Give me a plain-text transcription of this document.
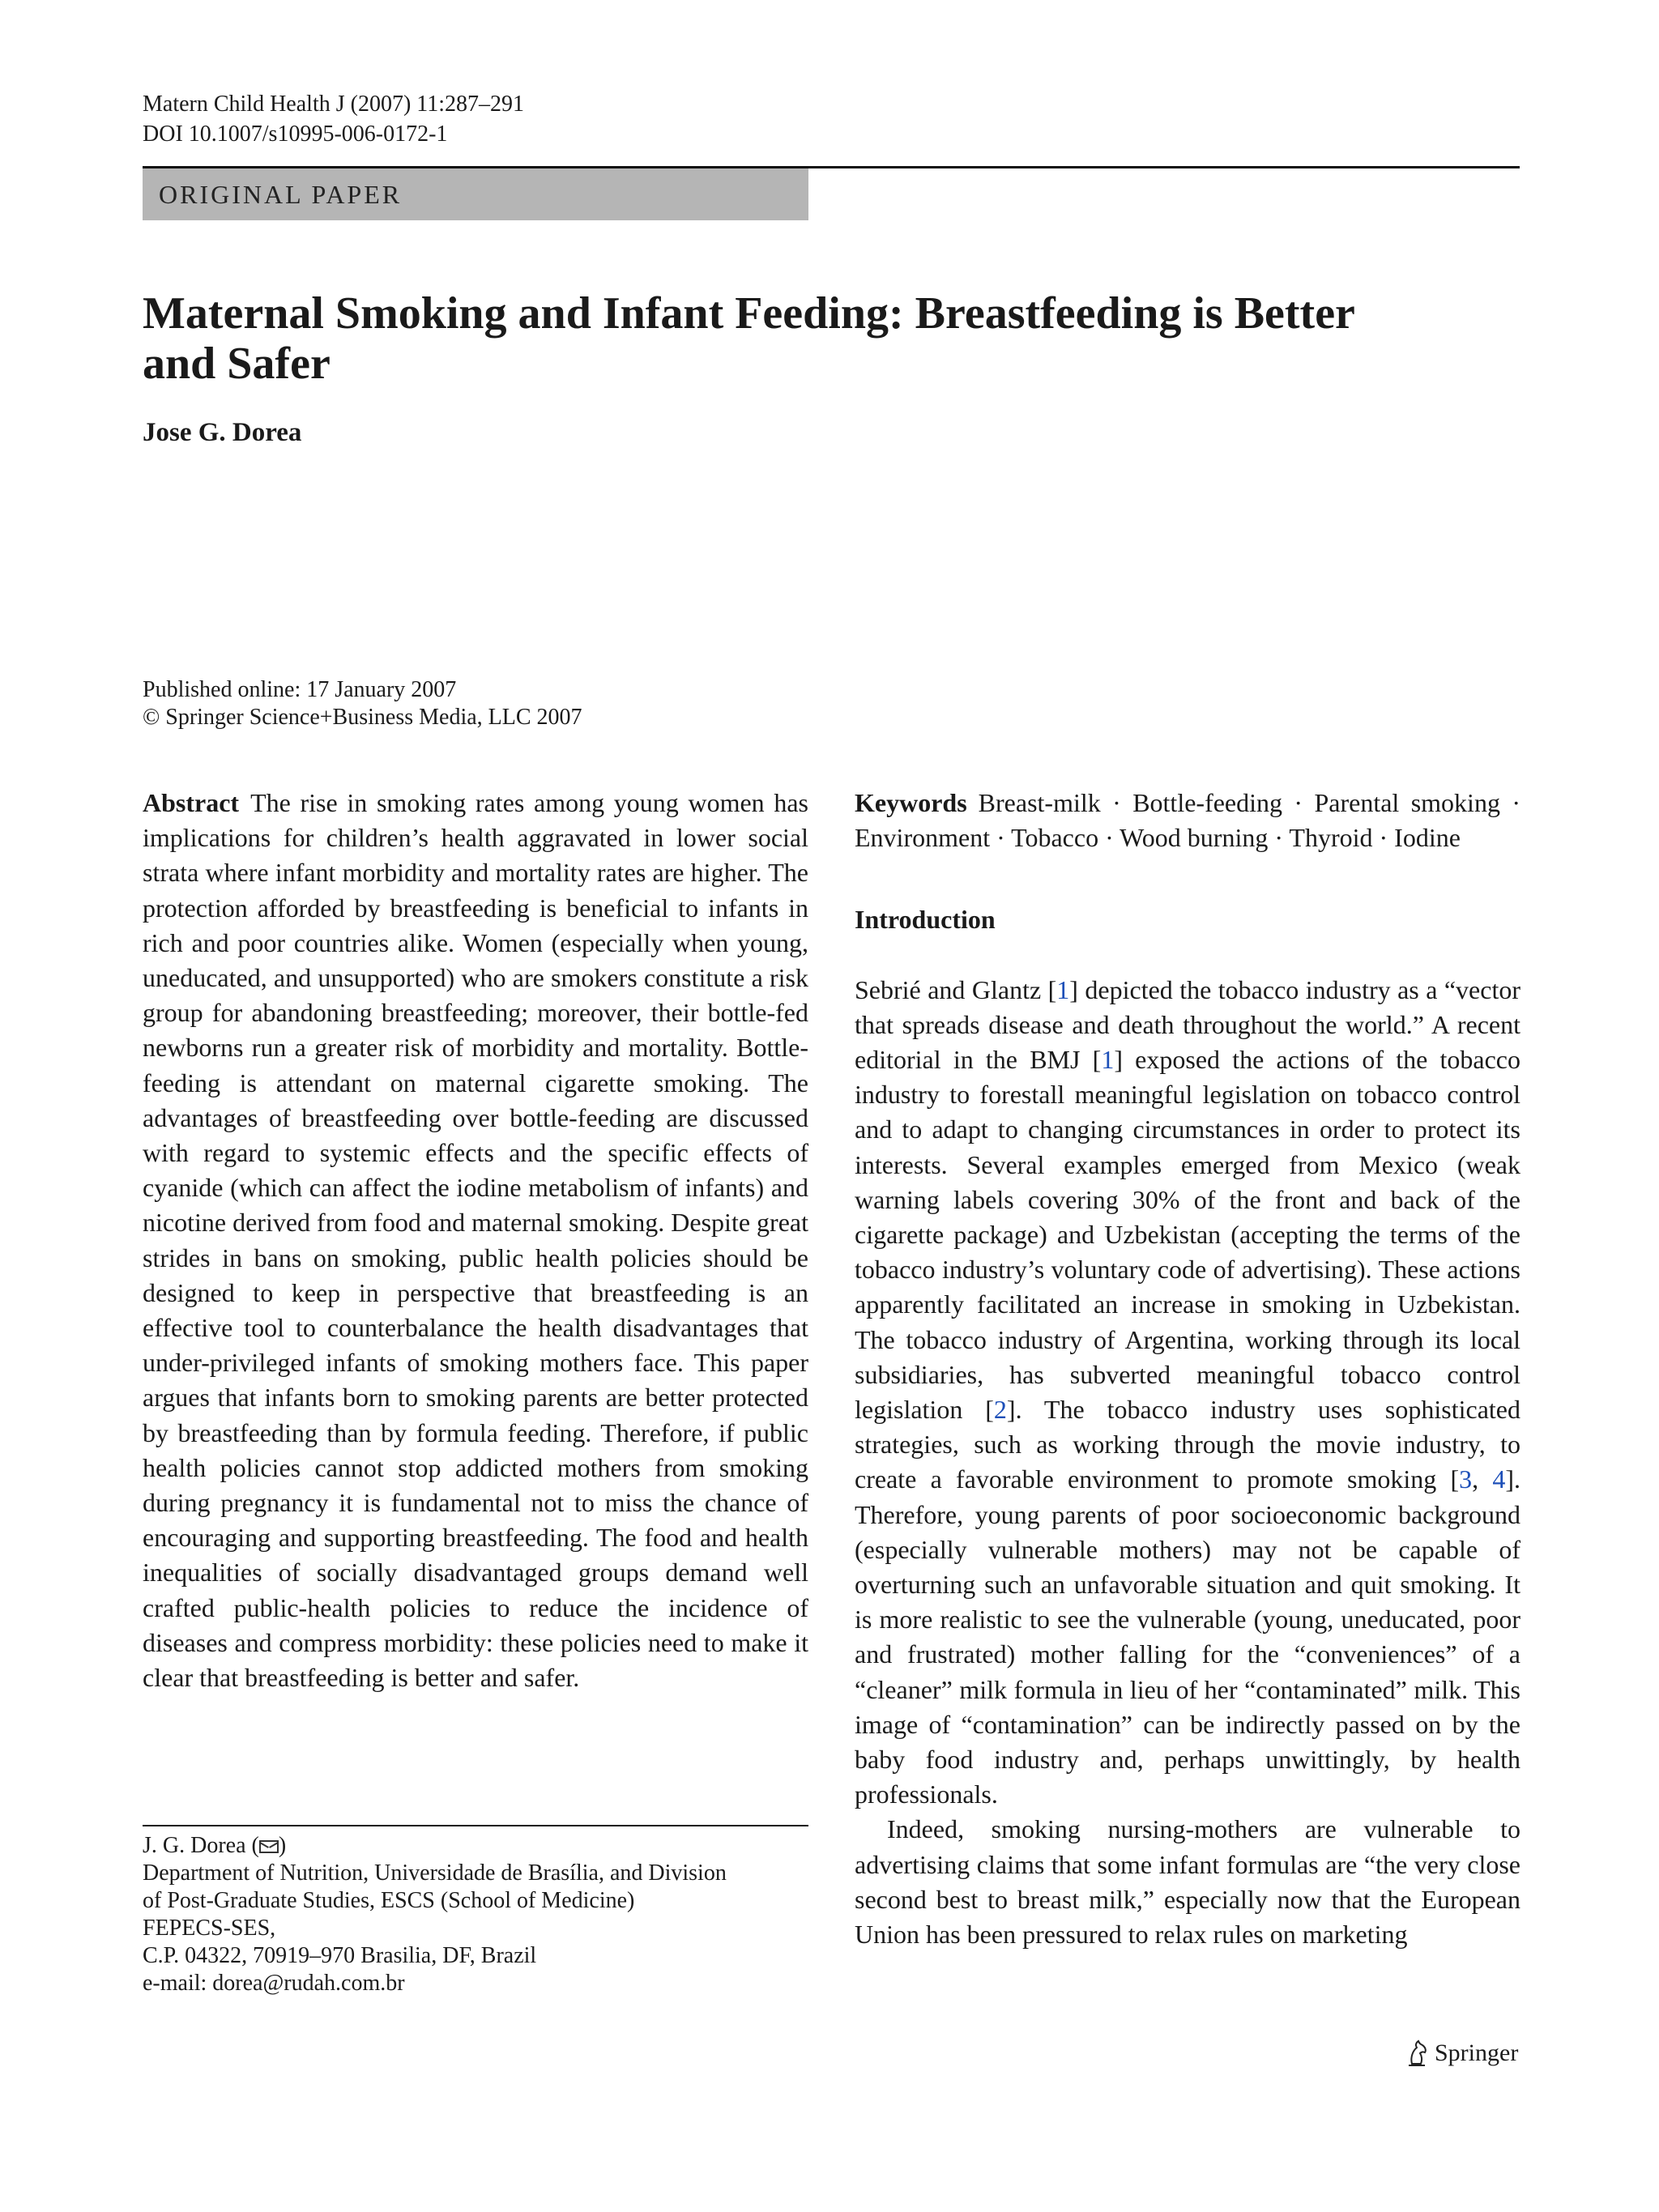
Matern Child Health J (2007) 11:287–291
DOI 10.1007/s10995-006-0172-1
ORIGINAL PAPER
Maternal Smoking and Infant Feeding: Breastfeeding is Better and Safer
Jose G. Dorea
Published online: 17 January 2007
© Springer Science+Business Media, LLC 2007

Abstract The rise in smoking rates among young women has implications for children’s health aggravated in lower social strata where infant morbidity and mortality rates are higher. The protection afforded by breastfeeding is beneficial to infants in rich and poor countries alike. Women (especially when young, uneducated, and unsupported) who are smokers constitute a risk group for abandoning breastfeeding; moreover, their bottle-fed newborns run a greater risk of morbidity and mortality. Bottle-feeding is attendant on maternal cigarette smoking. The advantages of breastfeeding over bottle-feeding are discussed with regard to systemic effects and the specific effects of cyanide (which can affect the iodine metabolism of infants) and nicotine derived from food and maternal smoking. Despite great strides in bans on smoking, public health policies should be designed to keep in perspective that breastfeeding is an effective tool to counterbalance the health disadvantages that under-privileged infants of smoking mothers face. This paper argues that infants born to smoking parents are better protected by breastfeeding than by formula feeding. Therefore, if public health policies cannot stop addicted mothers from smoking during pregnancy it is fundamental not to miss the chance of encouraging and supporting breastfeeding. The food and health inequalities of socially disadvantaged groups demand well crafted public-health policies to reduce the incidence of diseases and compress morbidity: these policies need to make it clear that breastfeeding is better and safer.

Keywords Breast-milk · Bottle-feeding · Parental smoking · Environment · Tobacco · Wood burning · Thyroid · Iodine

Introduction

Sebrié and Glantz [1] depicted the tobacco industry as a “vector that spreads disease and death throughout the world.” A recent editorial in the BMJ [1] exposed the actions of the tobacco industry to forestall meaningful legislation on tobacco control and to adapt to changing circumstances in order to protect its interests. Several examples emerged from Mexico (weak warning labels covering 30% of the front and back of the cigarette package) and Uzbekistan (accepting the terms of the tobacco industry’s voluntary code of advertising). These actions apparently facilitated an increase in smoking in Uzbekistan. The tobacco industry of Argentina, working through its local subsidiaries, has subverted meaningful tobacco control legislation [2]. The tobacco industry uses sophisticated strategies, such as working through the movie industry, to create a favorable environment to promote smoking [3, 4]. Therefore, young parents of poor socioeconomic background (especially vulnerable mothers) may not be capable of overturning such an unfavorable situation and quit smoking. It is more realistic to see the vulnerable (young, uneducated, poor and frustrated) mother falling for the “conveniences” of a “cleaner” milk formula in lieu of her “contaminated” milk. This image of “contamination” can be indirectly passed on by the baby food industry and, perhaps unwittingly, by health professionals.

Indeed, smoking nursing-mothers are vulnerable to advertising claims that some infant formulas are “the very close second best to breast milk,” especially now that the European Union has been pressured to relax rules on marketing

J. G. Dorea ( )
Department of Nutrition, Universidade de Brasília, and Division
of Post-Graduate Studies, ESCS (School of Medicine)
FEPECS-SES,
C.P. 04322, 70919–970 Brasilia, DF, Brazil
e-mail: dorea@rudah.com.br
Springer
